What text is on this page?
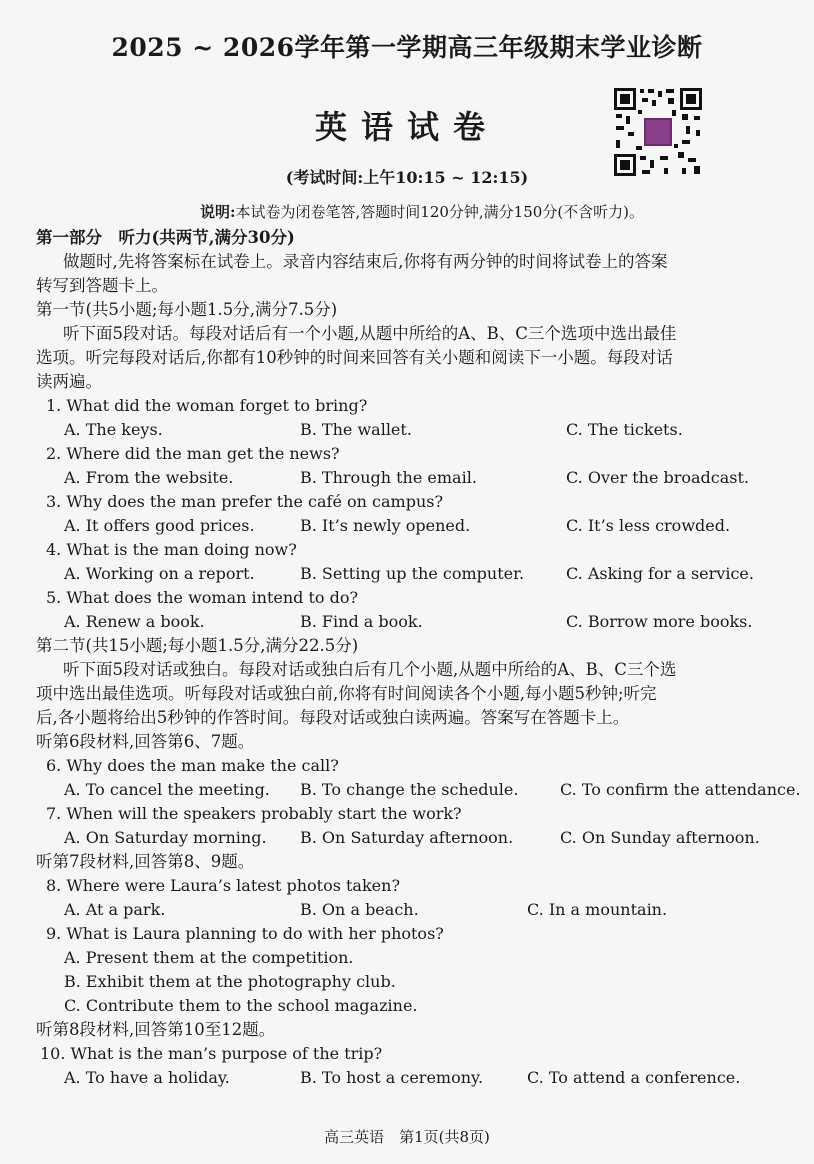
2025 ~ 2026学年第一学期高三年级期末学业诊断
英语试卷
(考试时间:上午10:15 ~ 12:15)
说明:本试卷为闭卷笔答,答题时间120分钟,满分150分(不含听力)。
第一部分　听力(共两节,满分30分)
做题时,先将答案标在试卷上。录音内容结束后,你将有两分钟的时间将试卷上的答案
转写到答题卡上。
第一节(共5小题;每小题1.5分,满分7.5分)
听下面5段对话。每段对话后有一个小题,从题中所给的A、B、C三个选项中选出最佳
选项。听完每段对话后,你都有10秒钟的时间来回答有关小题和阅读下一小题。每段对话
读两遍。
1. What did the woman forget to bring?
A. The keys.	B. The wallet.	C. The tickets.
2. Where did the man get the news?
A. From the website.	B. Through the email.	C. Over the broadcast.
3. Why does the man prefer the café on campus?
A. It offers good prices.	B. It’s newly opened.	C. It’s less crowded.
4. What is the man doing now?
A. Working on a report.	B. Setting up the computer.	C. Asking for a service.
5. What does the woman intend to do?
A. Renew a book.	B. Find a book.	C. Borrow more books.
第二节(共15小题;每小题1.5分,满分22.5分)
听下面5段对话或独白。每段对话或独白后有几个小题,从题中所给的A、B、C三个选
项中选出最佳选项。听每段对话或独白前,你将有时间阅读各个小题,每小题5秒钟;听完
后,各小题将给出5秒钟的作答时间。每段对话或独白读两遍。答案写在答题卡上。
听第6段材料,回答第6、7题。
6. Why does the man make the call?
A. To cancel the meeting. B. To change the schedule.	C. To confirm the attendance.
7. When will the speakers probably start the work?
A. On Saturday morning. B. On Saturday afternoon.	C. On Sunday afternoon.
听第7段材料,回答第8、9题。
8. Where were Laura’s latest photos taken?
A. At a park.	B. On a beach.	C. In a mountain.
9. What is Laura planning to do with her photos?
A. Present them at the competition.
B. Exhibit them at the photography club.
C. Contribute them to the school magazine.
听第8段材料,回答第10至12题。
10. What is the man’s purpose of the trip?
A. To have a holiday.	B. To host a ceremony.	C. To attend a conference.
高三英语　第1页(共8页)
